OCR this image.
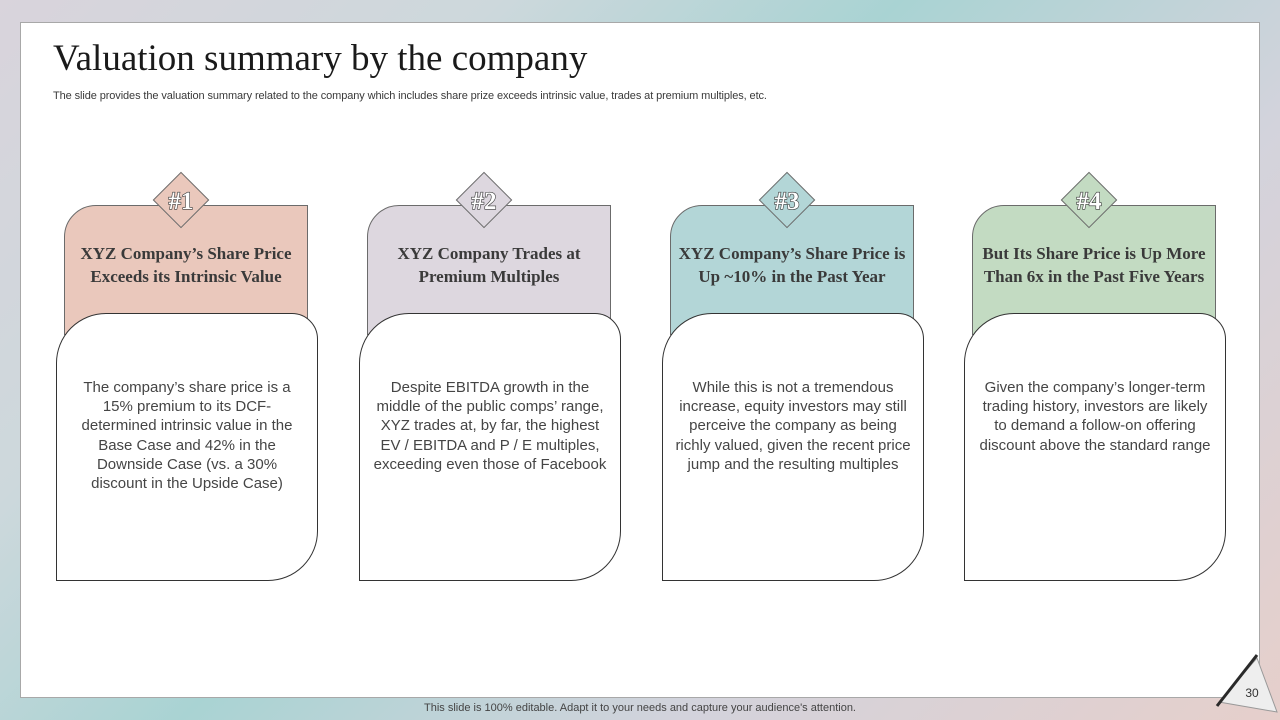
Valuation summary by the company

The slide provides the valuation summary related to the company which includes share prize exceeds intrinsic value, trades at premium multiples, etc.

XYZ Company’s Share Price Exceeds its Intrinsic Value

The company’s share price is a 15% premium to its DCF-determined intrinsic value in the Base Case and 42% in the Downside Case (vs. a 30% discount in the Upside Case)

#1

XYZ Company Trades at Premium Multiples

Despite EBITDA growth in the middle of the public comps’ range, XYZ trades at, by far, the highest EV / EBITDA and P / E multiples, exceeding even those of Facebook

#2

XYZ Company’s Share Price is Up ~10% in the Past Year

While this is not a tremendous increase, equity investors may still perceive the company as being richly valued, given the recent price jump and the resulting multiples

#3

But Its Share Price is Up More Than 6x in the Past Five Years

Given the company’s longer-term trading history, investors are likely to demand a follow-on offering discount above the standard range

#4
This slide is 100% editable. Adapt it to your needs and capture your audience's attention.
30
